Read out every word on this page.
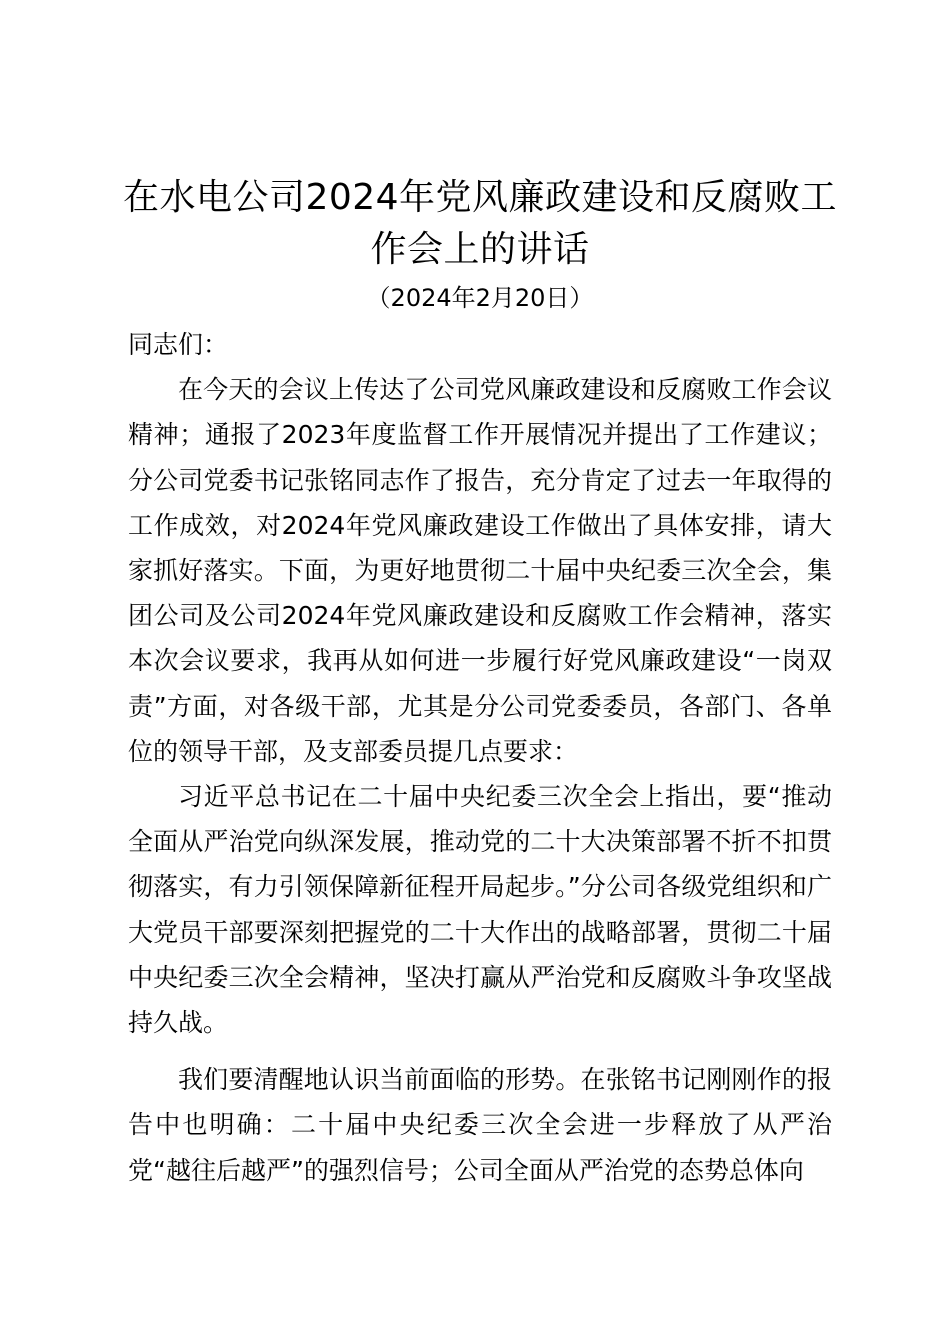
在水电公司2024年党风廉政建设和反腐败工作会上的讲话

（2024年2月20日）

同志们：

在今天的会议上传达了公司党风廉政建设和反腐败工作会议精神；通报了2023年度监督工作开展情况并提出了工作建议；分公司党委书记张铭同志作了报告，充分肯定了过去一年取得的工作成效，对2024年党风廉政建设工作做出了具体安排，请大家抓好落实。下面，为更好地贯彻二十届中央纪委三次全会，集团公司及公司2024年党风廉政建设和反腐败工作会精神，落实本次会议要求，我再从如何进一步履行好党风廉政建设“一岗双责”方面，对各级干部，尤其是分公司党委委员，各部门、各单位的领导干部，及支部委员提几点要求：

习近平总书记在二十届中央纪委三次全会上指出，要“推动全面从严治党向纵深发展，推动党的二十大决策部署不折不扣贯彻落实，有力引领保障新征程开局起步。”分公司各级党组织和广大党员干部要深刻把握党的二十大作出的战略部署，贯彻二十届中央纪委三次全会精神，坚决打赢从严治党和反腐败斗争攻坚战持久战。

我们要清醒地认识当前面临的形势。在张铭书记刚刚作的报告中也明确：二十届中央纪委三次全会进一步释放了从严治党“越往后越严”的强烈信号；公司全面从严治党的态势总体向
